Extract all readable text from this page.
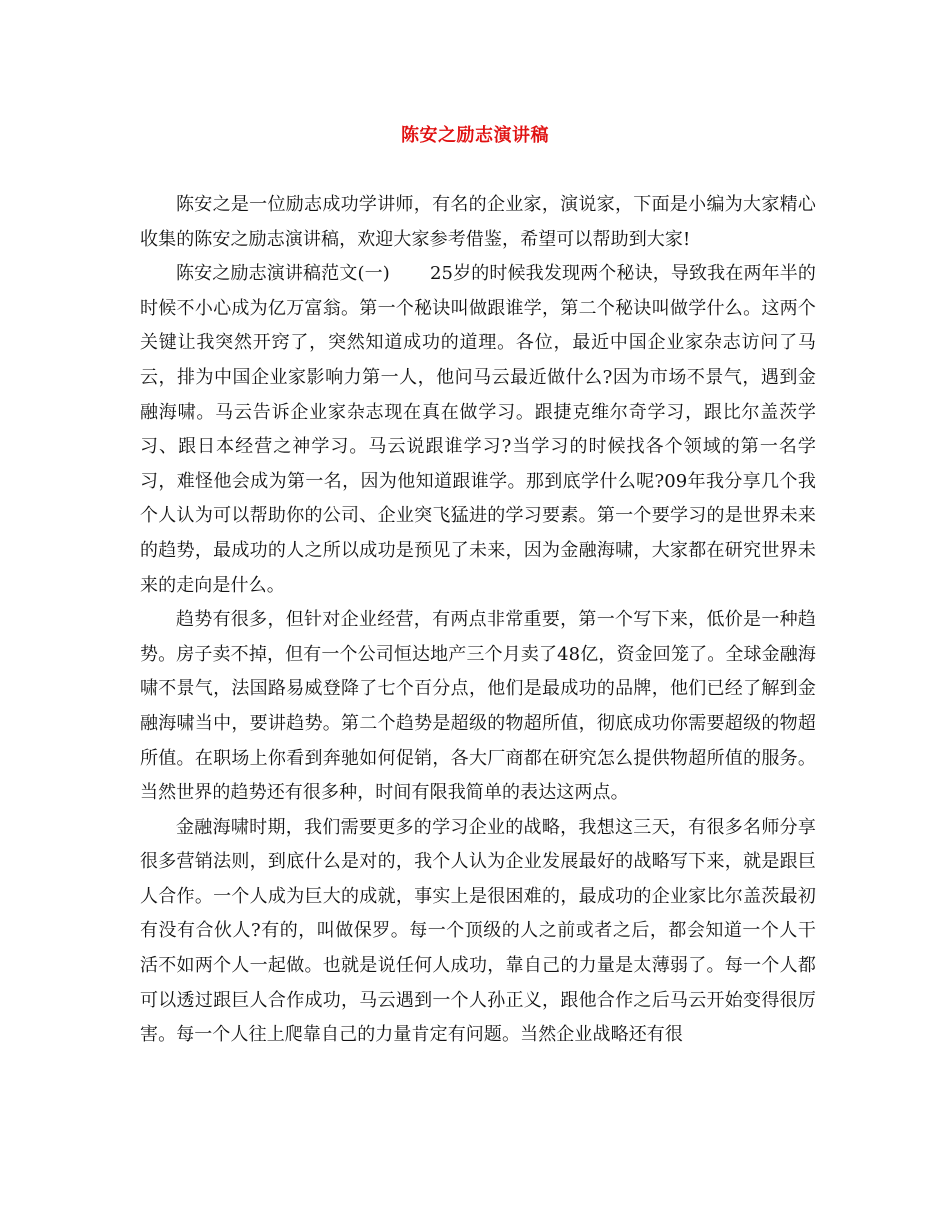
陈安之励志演讲稿

陈安之是一位励志成功学讲师，有名的企业家，演说家，下面是小编为大家精心收集的陈安之励志演讲稿，欢迎大家参考借鉴，希望可以帮助到大家!

陈安之励志演讲稿范文(一) 25岁的时候我发现两个秘诀，导致我在两年半的时候不小心成为亿万富翁。第一个秘诀叫做跟谁学，第二个秘诀叫做学什么。这两个关键让我突然开窍了，突然知道成功的道理。各位，最近中国企业家杂志访问了马云，排为中国企业家影响力第一人，他问马云最近做什么?因为市场不景气，遇到金融海啸。马云告诉企业家杂志现在真在做学习。跟捷克维尔奇学习，跟比尔盖茨学习、跟日本经营之神学习。马云说跟谁学习?当学习的时候找各个领域的第一名学习，难怪他会成为第一名，因为他知道跟谁学。那到底学什么呢?09年我分享几个我个人认为可以帮助你的公司、企业突飞猛进的学习要素。第一个要学习的是世界未来的趋势，最成功的人之所以成功是预见了未来，因为金融海啸，大家都在研究世界未来的走向是什么。

趋势有很多，但针对企业经营，有两点非常重要，第一个写下来，低价是一种趋势。房子卖不掉，但有一个公司恒达地产三个月卖了48亿，资金回笼了。全球金融海啸不景气，法国路易威登降了七个百分点，他们是最成功的品牌，他们已经了解到金融海啸当中，要讲趋势。第二个趋势是超级的物超所值，彻底成功你需要超级的物超所值。在职场上你看到奔驰如何促销，各大厂商都在研究怎么提供物超所值的服务。当然世界的趋势还有很多种，时间有限我简单的表达这两点。

金融海啸时期，我们需要更多的学习企业的战略，我想这三天，有很多名师分享很多营销法则，到底什么是对的，我个人认为企业发展最好的战略写下来，就是跟巨人合作。一个人成为巨大的成就，事实上是很困难的，最成功的企业家比尔盖茨最初有没有合伙人?有的，叫做保罗。每一个顶级的人之前或者之后，都会知道一个人干活不如两个人一起做。也就是说任何人成功，靠自己的力量是太薄弱了。每一个人都可以透过跟巨人合作成功，马云遇到一个人孙正义，跟他合作之后马云开始变得很厉害。每一个人往上爬靠自己的力量肯定有问题。当然企业战略还有很
